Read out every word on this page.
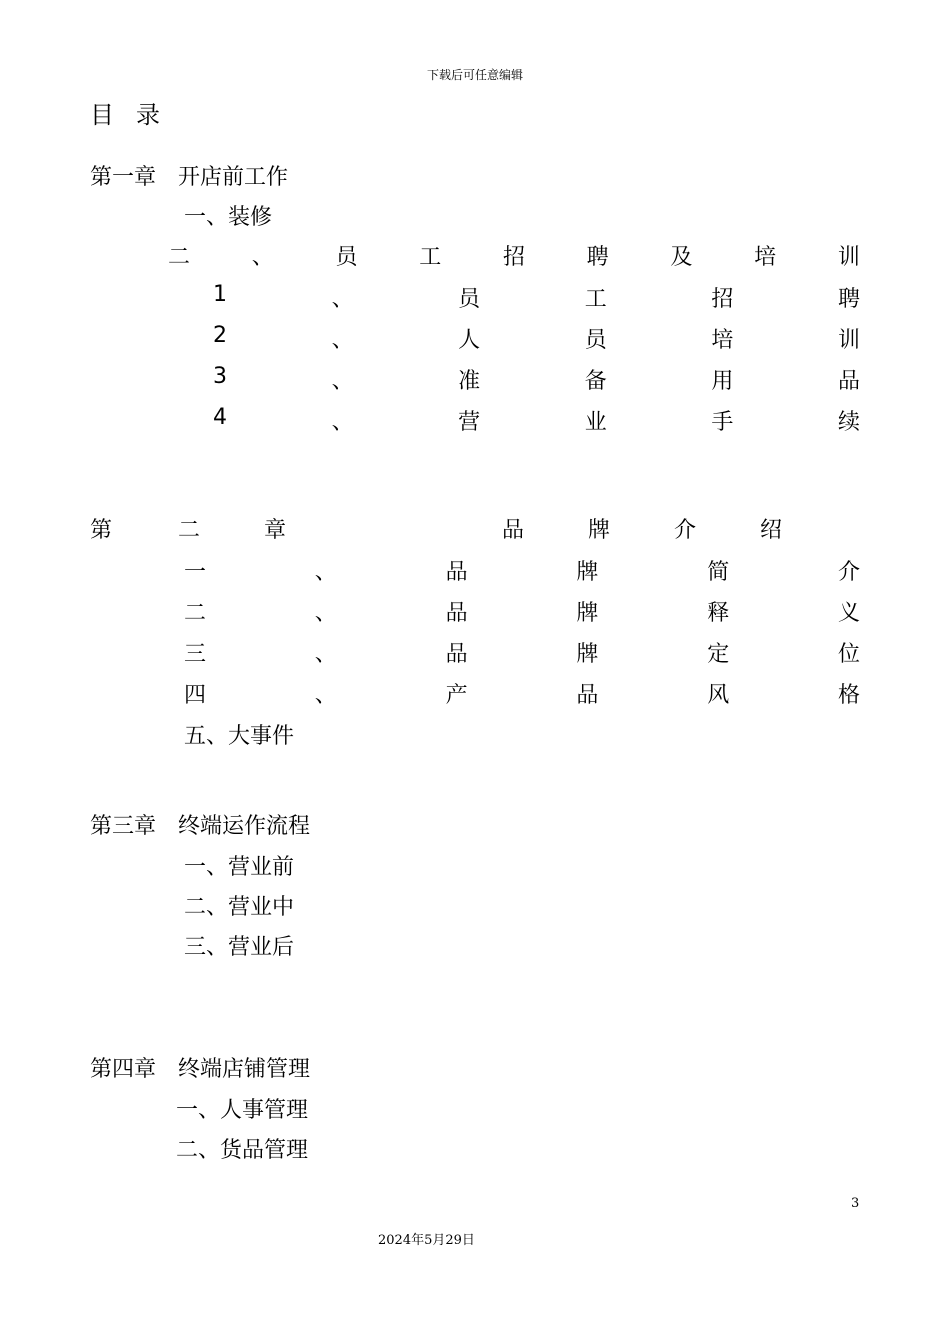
下载后可任意编辑
目录
第一章　开店前工作
一、装修
二	、	员	工	招	聘	及	培	训
1	、	员	工	招	聘
2	、	人	员	培	训
3	、	准	备	用	品
4	、	营	业	手	续
第	二	章	品	牌	介	绍
一	、	品	牌	简	介
二	、	品	牌	释	义
三	、	品	牌	定	位
四	、	产	品	风	格
五、大事件
第三章　终端运作流程
一、营业前
二、营业中
三、营业后
第四章　终端店铺管理
一、人事管理
二、货品管理
3
2024年5月29日
